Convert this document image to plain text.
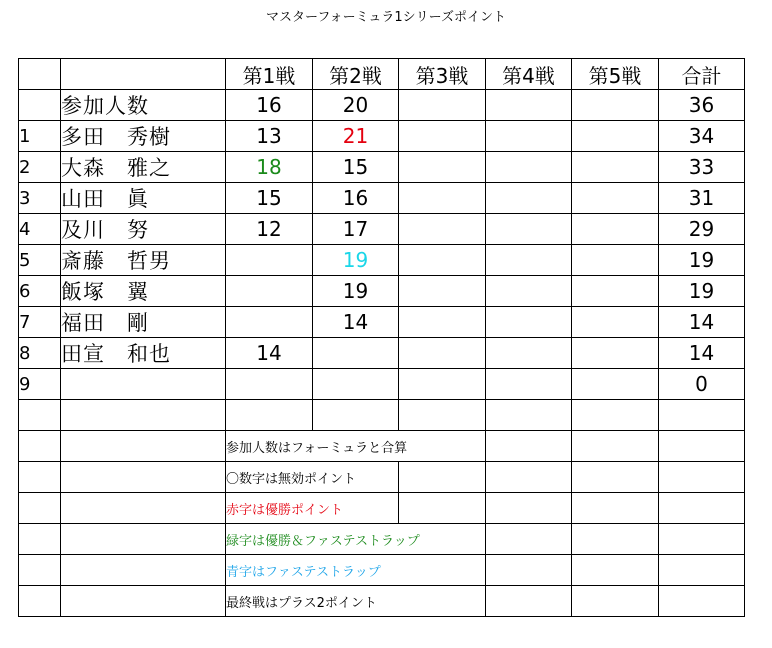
マスターフォーミュラ1シリーズポイント
		第1戦	第2戦	第3戦	第4戦	第5戦	合計
	参加人数	16	20				36
1	多田　秀樹	13	21				34
2	大森　雅之	18	15				33
3	山田　眞	15	16				31
4	及川　努	12	17				29
5	斎藤　哲男		19				19
6	飯塚　翼		19				19
7	福田　剛		14				14
8	田宣　和也	14					14
9							0

		参加人数はフォーミュラと合算					
		〇数字は無効ポイント					
		赤字は優勝ポイント					
		緑字は優勝＆ファステストラップ					
		青字はファステストラップ					
		最終戦はプラス2ポイント					
